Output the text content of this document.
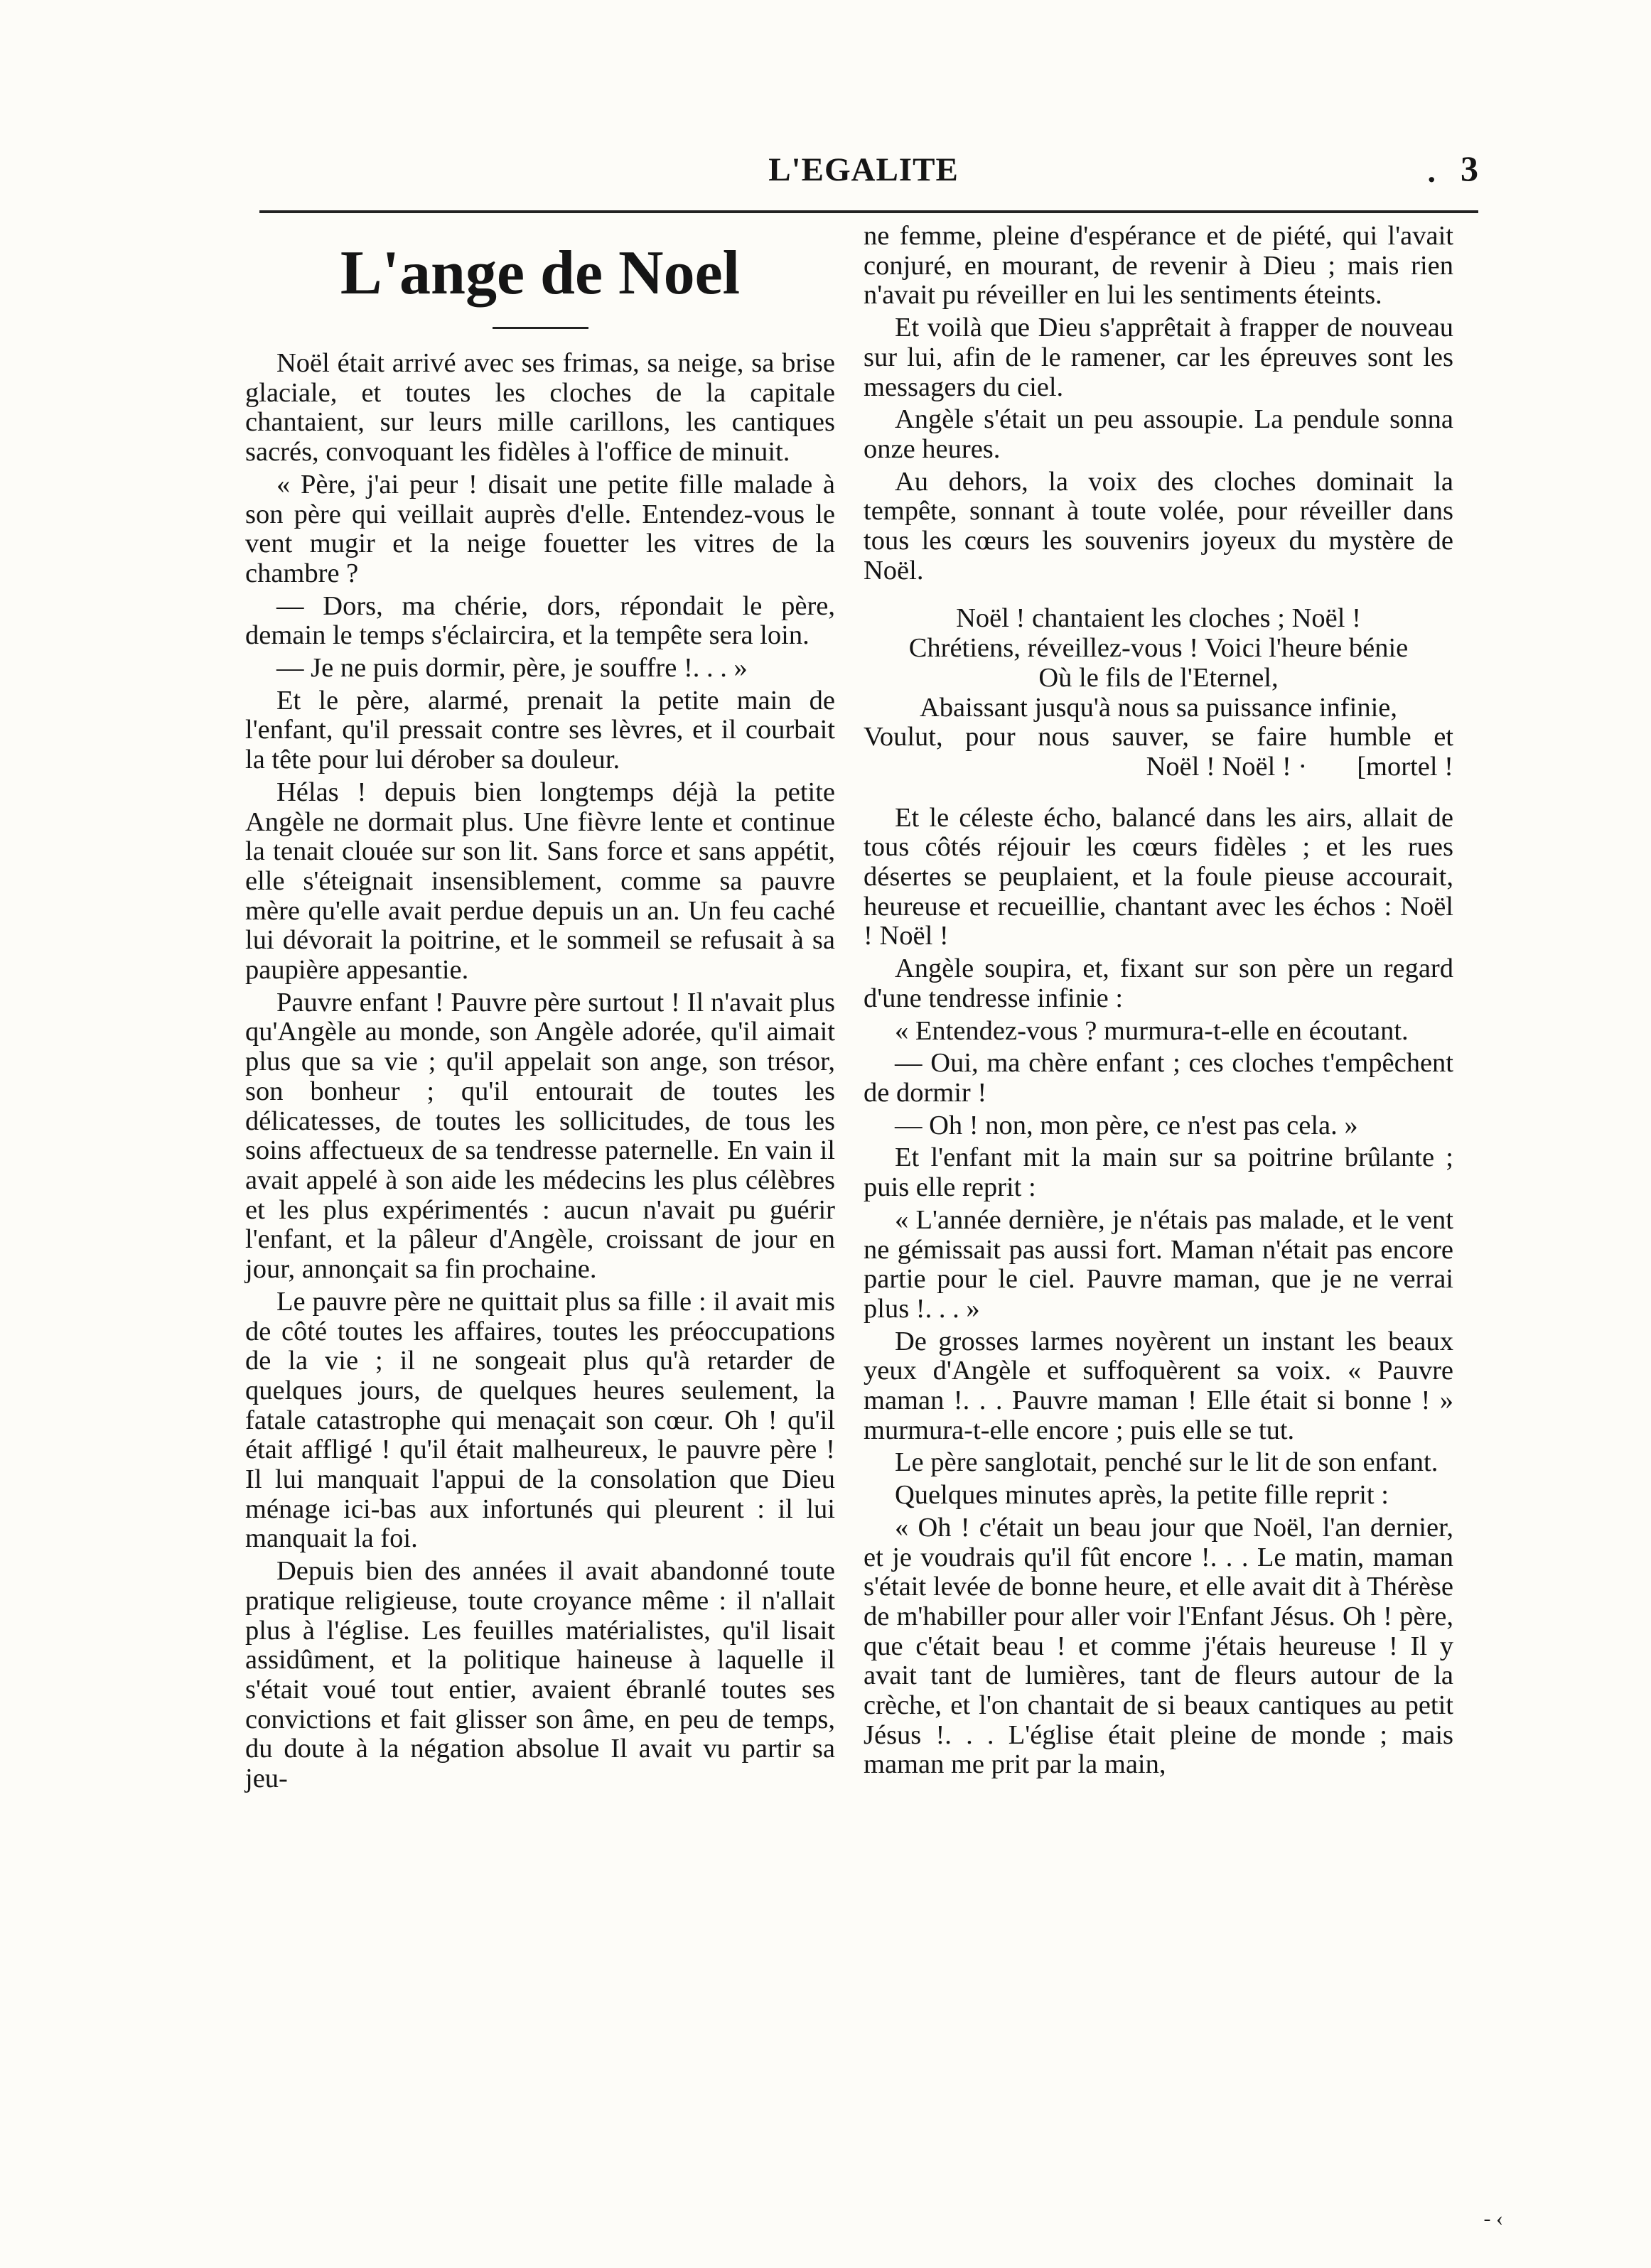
L'EGALITE	. 3
L'ange de Noel

Noël était arrivé avec ses frimas, sa neige, sa brise glaciale, et toutes les cloches de la capitale chantaient, sur leurs mille carillons, les cantiques sacrés, convoquant les fidèles à l'office de minuit.

« Père, j'ai peur ! disait une petite fille malade à son père qui veillait auprès d'elle. Entendez-vous le vent mugir et la neige fouetter les vitres de la chambre ?

— Dors, ma chérie, dors, répondait le père, demain le temps s'éclaircira, et la tempête sera loin.

— Je ne puis dormir, père, je souffre !. . . »

Et le père, alarmé, prenait la petite main de l'enfant, qu'il pressait contre ses lèvres, et il courbait la tête pour lui dérober sa douleur.

Hélas ! depuis bien longtemps déjà la petite Angèle ne dormait plus. Une fièvre lente et continue la tenait clouée sur son lit. Sans force et sans appétit, elle s'éteignait insensiblement, comme sa pauvre mère qu'elle avait perdue depuis un an. Un feu caché lui dévorait la poitrine, et le sommeil se refusait à sa paupière appesantie.

Pauvre enfant ! Pauvre père surtout ! Il n'avait plus qu'Angèle au monde, son Angèle adorée, qu'il aimait plus que sa vie ; qu'il appelait son ange, son trésor, son bonheur ; qu'il entourait de toutes les délicatesses, de toutes les sollicitudes, de tous les soins affectueux de sa tendresse paternelle. En vain il avait appelé à son aide les médecins les plus célèbres et les plus expérimentés : aucun n'avait pu guérir l'enfant, et la pâleur d'Angèle, croissant de jour en jour, annonçait sa fin prochaine.

Le pauvre père ne quittait plus sa fille : il avait mis de côté toutes les affaires, toutes les préoccupations de la vie ; il ne songeait plus qu'à retarder de quelques jours, de quelques heures seulement, la fatale catastrophe qui menaçait son cœur. Oh ! qu'il était affligé ! qu'il était malheureux, le pauvre père ! Il lui manquait l'appui de la consolation que Dieu ménage ici-bas aux infortunés qui pleurent : il lui manquait la foi.

Depuis bien des années il avait abandonné toute pratique religieuse, toute croyance même : il n'allait plus à l'église. Les feuilles matérialistes, qu'il lisait assidûment, et la politique haineuse à laquelle il s'était voué tout entier, avaient ébranlé toutes ses convictions et fait glisser son âme, en peu de temps, du doute à la négation absolue Il avait vu partir sa jeu-

ne femme, pleine d'espérance et de piété, qui l'avait conjuré, en mourant, de revenir à Dieu ; mais rien n'avait pu réveiller en lui les sentiments éteints.

Et voilà que Dieu s'apprêtait à frapper de nouveau sur lui, afin de le ramener, car les épreuves sont les messagers du ciel.

Angèle s'était un peu assoupie. La pendule sonna onze heures.

Au dehors, la voix des cloches dominait la tempête, sonnant à toute volée, pour réveiller dans tous les cœurs les souvenirs joyeux du mystère de Noël.

Noël ! chantaient les cloches ; Noël !
Chrétiens, réveillez-vous ! Voici l'heure bénie
Où le fils de l'Eternel,
Abaissant jusqu'à nous sa puissance infinie,
Voulut, pour nous sauver, se faire humble et
Noël ! Noël ! · [mortel !

Et le céleste écho, balancé dans les airs, allait de tous côtés réjouir les cœurs fidèles ; et les rues désertes se peuplaient, et la foule pieuse accourait, heureuse et recueillie, chantant avec les échos : Noël ! Noël !

Angèle soupira, et, fixant sur son père un regard d'une tendresse infinie :

« Entendez-vous ? murmura-t-elle en écoutant.

— Oui, ma chère enfant ; ces cloches t'empêchent de dormir !

— Oh ! non, mon père, ce n'est pas cela. »

Et l'enfant mit la main sur sa poitrine brûlante ; puis elle reprit :

« L'année dernière, je n'étais pas malade, et le vent ne gémissait pas aussi fort. Maman n'était pas encore partie pour le ciel. Pauvre maman, que je ne verrai plus !. . . »

De grosses larmes noyèrent un instant les beaux yeux d'Angèle et suffoquèrent sa voix. « Pauvre maman !. . . Pauvre maman ! Elle était si bonne ! » murmura-t-elle encore ; puis elle se tut.

Le père sanglotait, penché sur le lit de son enfant.

Quelques minutes après, la petite fille reprit :

« Oh ! c'était un beau jour que Noël, l'an dernier, et je voudrais qu'il fût encore !. . . Le matin, maman s'était levée de bonne heure, et elle avait dit à Thérèse de m'habiller pour aller voir l'Enfant Jésus. Oh ! père, que c'était beau ! et comme j'étais heureuse ! Il y avait tant de lumières, tant de fleurs autour de la crèche, et l'on chantait de si beaux cantiques au petit Jésus !. . . L'église était pleine de monde ; mais maman me prit par la main,

- ‹
